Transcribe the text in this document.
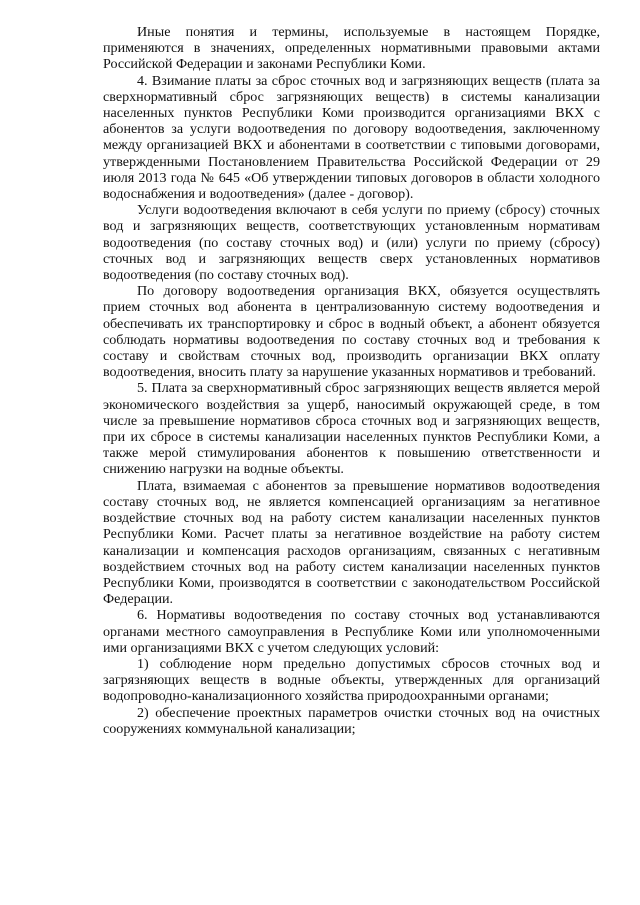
Иные понятия и термины, используемые в настоящем Порядке, применяются в значениях, определенных нормативными правовыми актами Российской Федерации и законами Республики Коми.

4. Взимание платы за сброс сточных вод и загрязняющих веществ (плата за сверхнормативный сброс загрязняющих веществ) в системы канализации населенных пунктов Республики Коми производится организациями ВКХ с абонентов за услуги водоотведения по договору водоотведения, заключенному между организацией ВКХ и абонентами в соответствии с типовыми договорами, утвержденными Постановлением Правительства Российской Федерации от 29 июля 2013 года № 645 «Об утверждении типовых договоров в области холодного водоснабжения и водоотведения» (далее - договор).

Услуги водоотведения включают в себя услуги по приему (сбросу) сточных вод и загрязняющих веществ, соответствующих установленным нормативам водоотведения (по составу сточных вод) и (или) услуги по приему (сбросу) сточных вод и загрязняющих веществ сверх установленных нормативов водоотведения (по составу сточных вод).

По договору водоотведения организация ВКХ, обязуется осуществлять прием сточных вод абонента в централизованную систему водоотведения и обеспечивать их транспортировку и сброс в водный объект, а абонент обязуется соблюдать нормативы водоотведения по составу сточных вод и требования к составу и свойствам сточных вод, производить организации ВКХ оплату водоотведения, вносить плату за нарушение указанных нормативов и требований.

5. Плата за сверхнормативный сброс загрязняющих веществ является мерой экономического воздействия за ущерб, наносимый окружающей среде, в том числе за превышение нормативов сброса сточных вод и загрязняющих веществ, при их сбросе в системы канализации населенных пунктов Республики Коми, а также мерой стимулирования абонентов к повышению ответственности и снижению нагрузки на водные объекты.

Плата, взимаемая с абонентов за превышение нормативов водоотведения составу сточных вод, не является компенсацией организациям за негативное воздействие сточных вод на работу систем канализации населенных пунктов Республики Коми. Расчет платы за негативное воздействие на работу систем канализации и компенсация расходов организациям, связанных с негативным воздействием сточных вод на работу систем канализации населенных пунктов Республики Коми, производятся в соответствии с законодательством Российской Федерации.

6. Нормативы водоотведения по составу сточных вод устанавливаются органами местного самоуправления в Республике Коми или уполномоченными ими организациями ВКХ с учетом следующих условий:

1) соблюдение норм предельно допустимых сбросов сточных вод и загрязняющих веществ в водные объекты, утвержденных для организаций водопроводно-канализационного хозяйства природоохранными органами;

2) обеспечение проектных параметров очистки сточных вод на очистных сооружениях коммунальной канализации;
